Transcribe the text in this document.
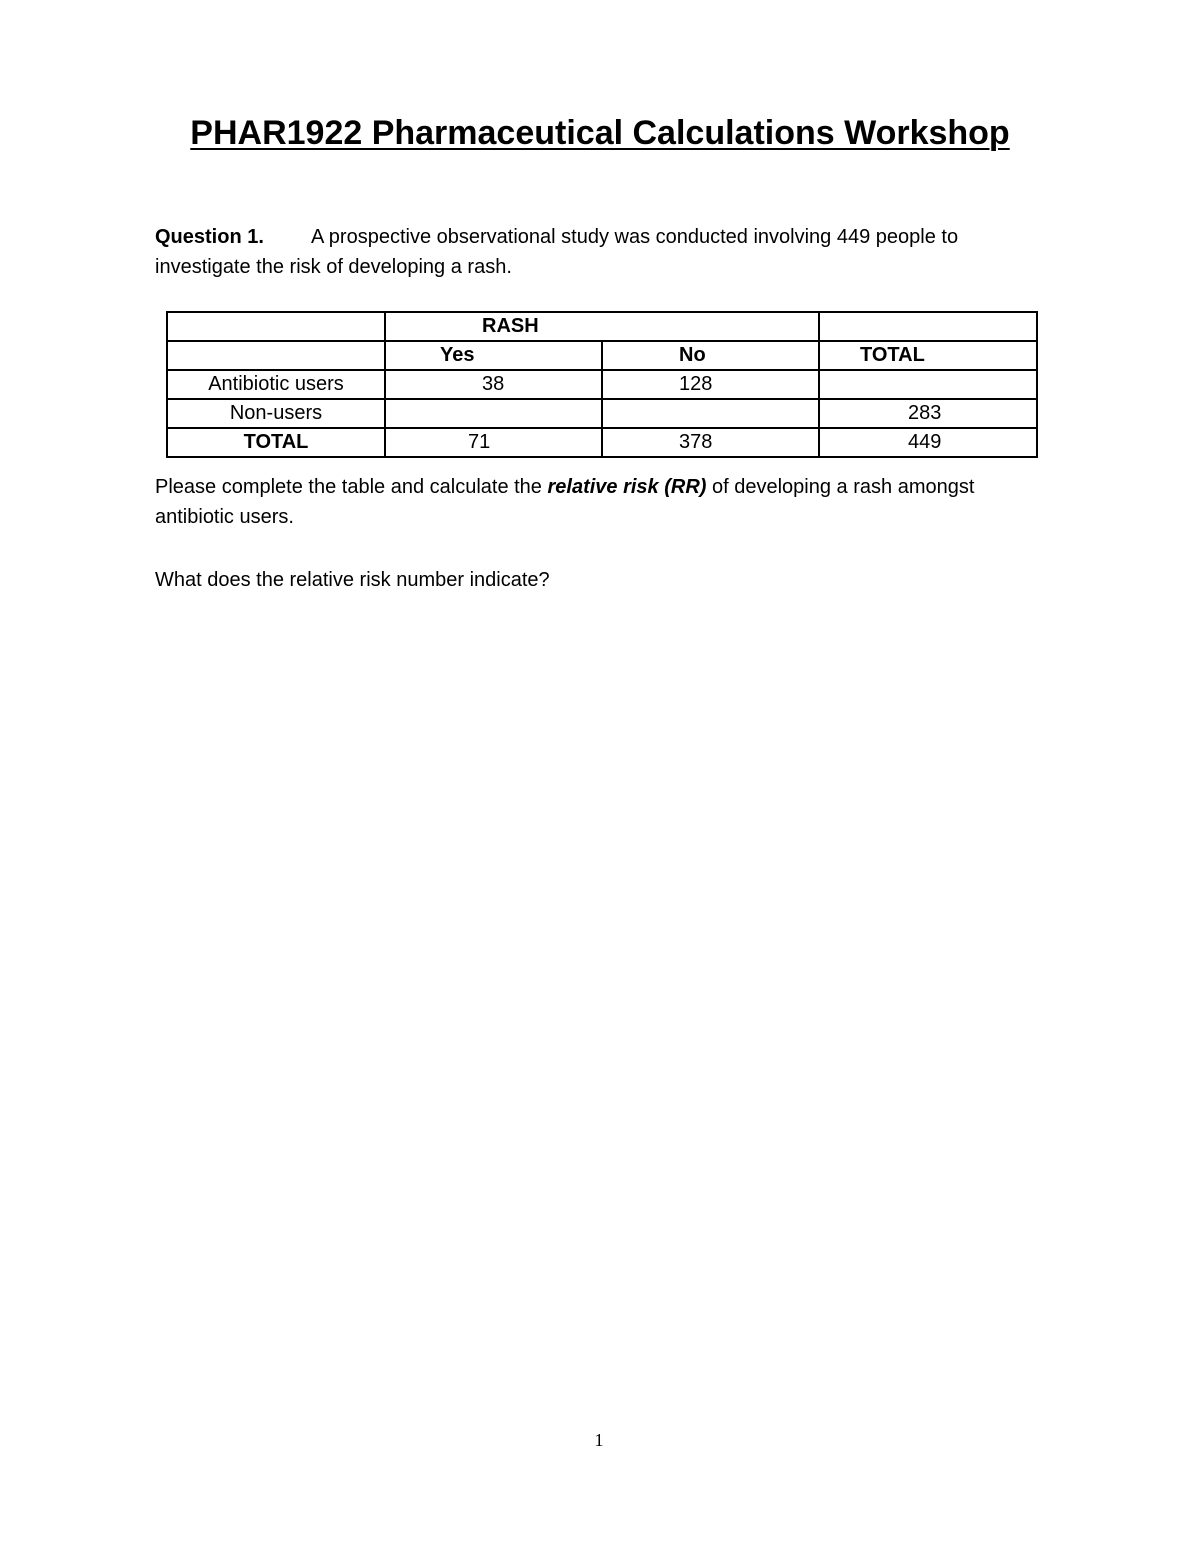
PHAR1922 Pharmaceutical Calculations Workshop
Question 1. A prospective observational study was conducted involving 449 people to
investigate the risk of developing a rash.
	RASH		
	Yes	No	TOTAL
Antibiotic users	38	128	
Non-users			283
TOTAL	71	378	449
Please complete the table and calculate the relative risk (RR) of developing a rash amongst
antibiotic users.
What does the relative risk number indicate?
1
